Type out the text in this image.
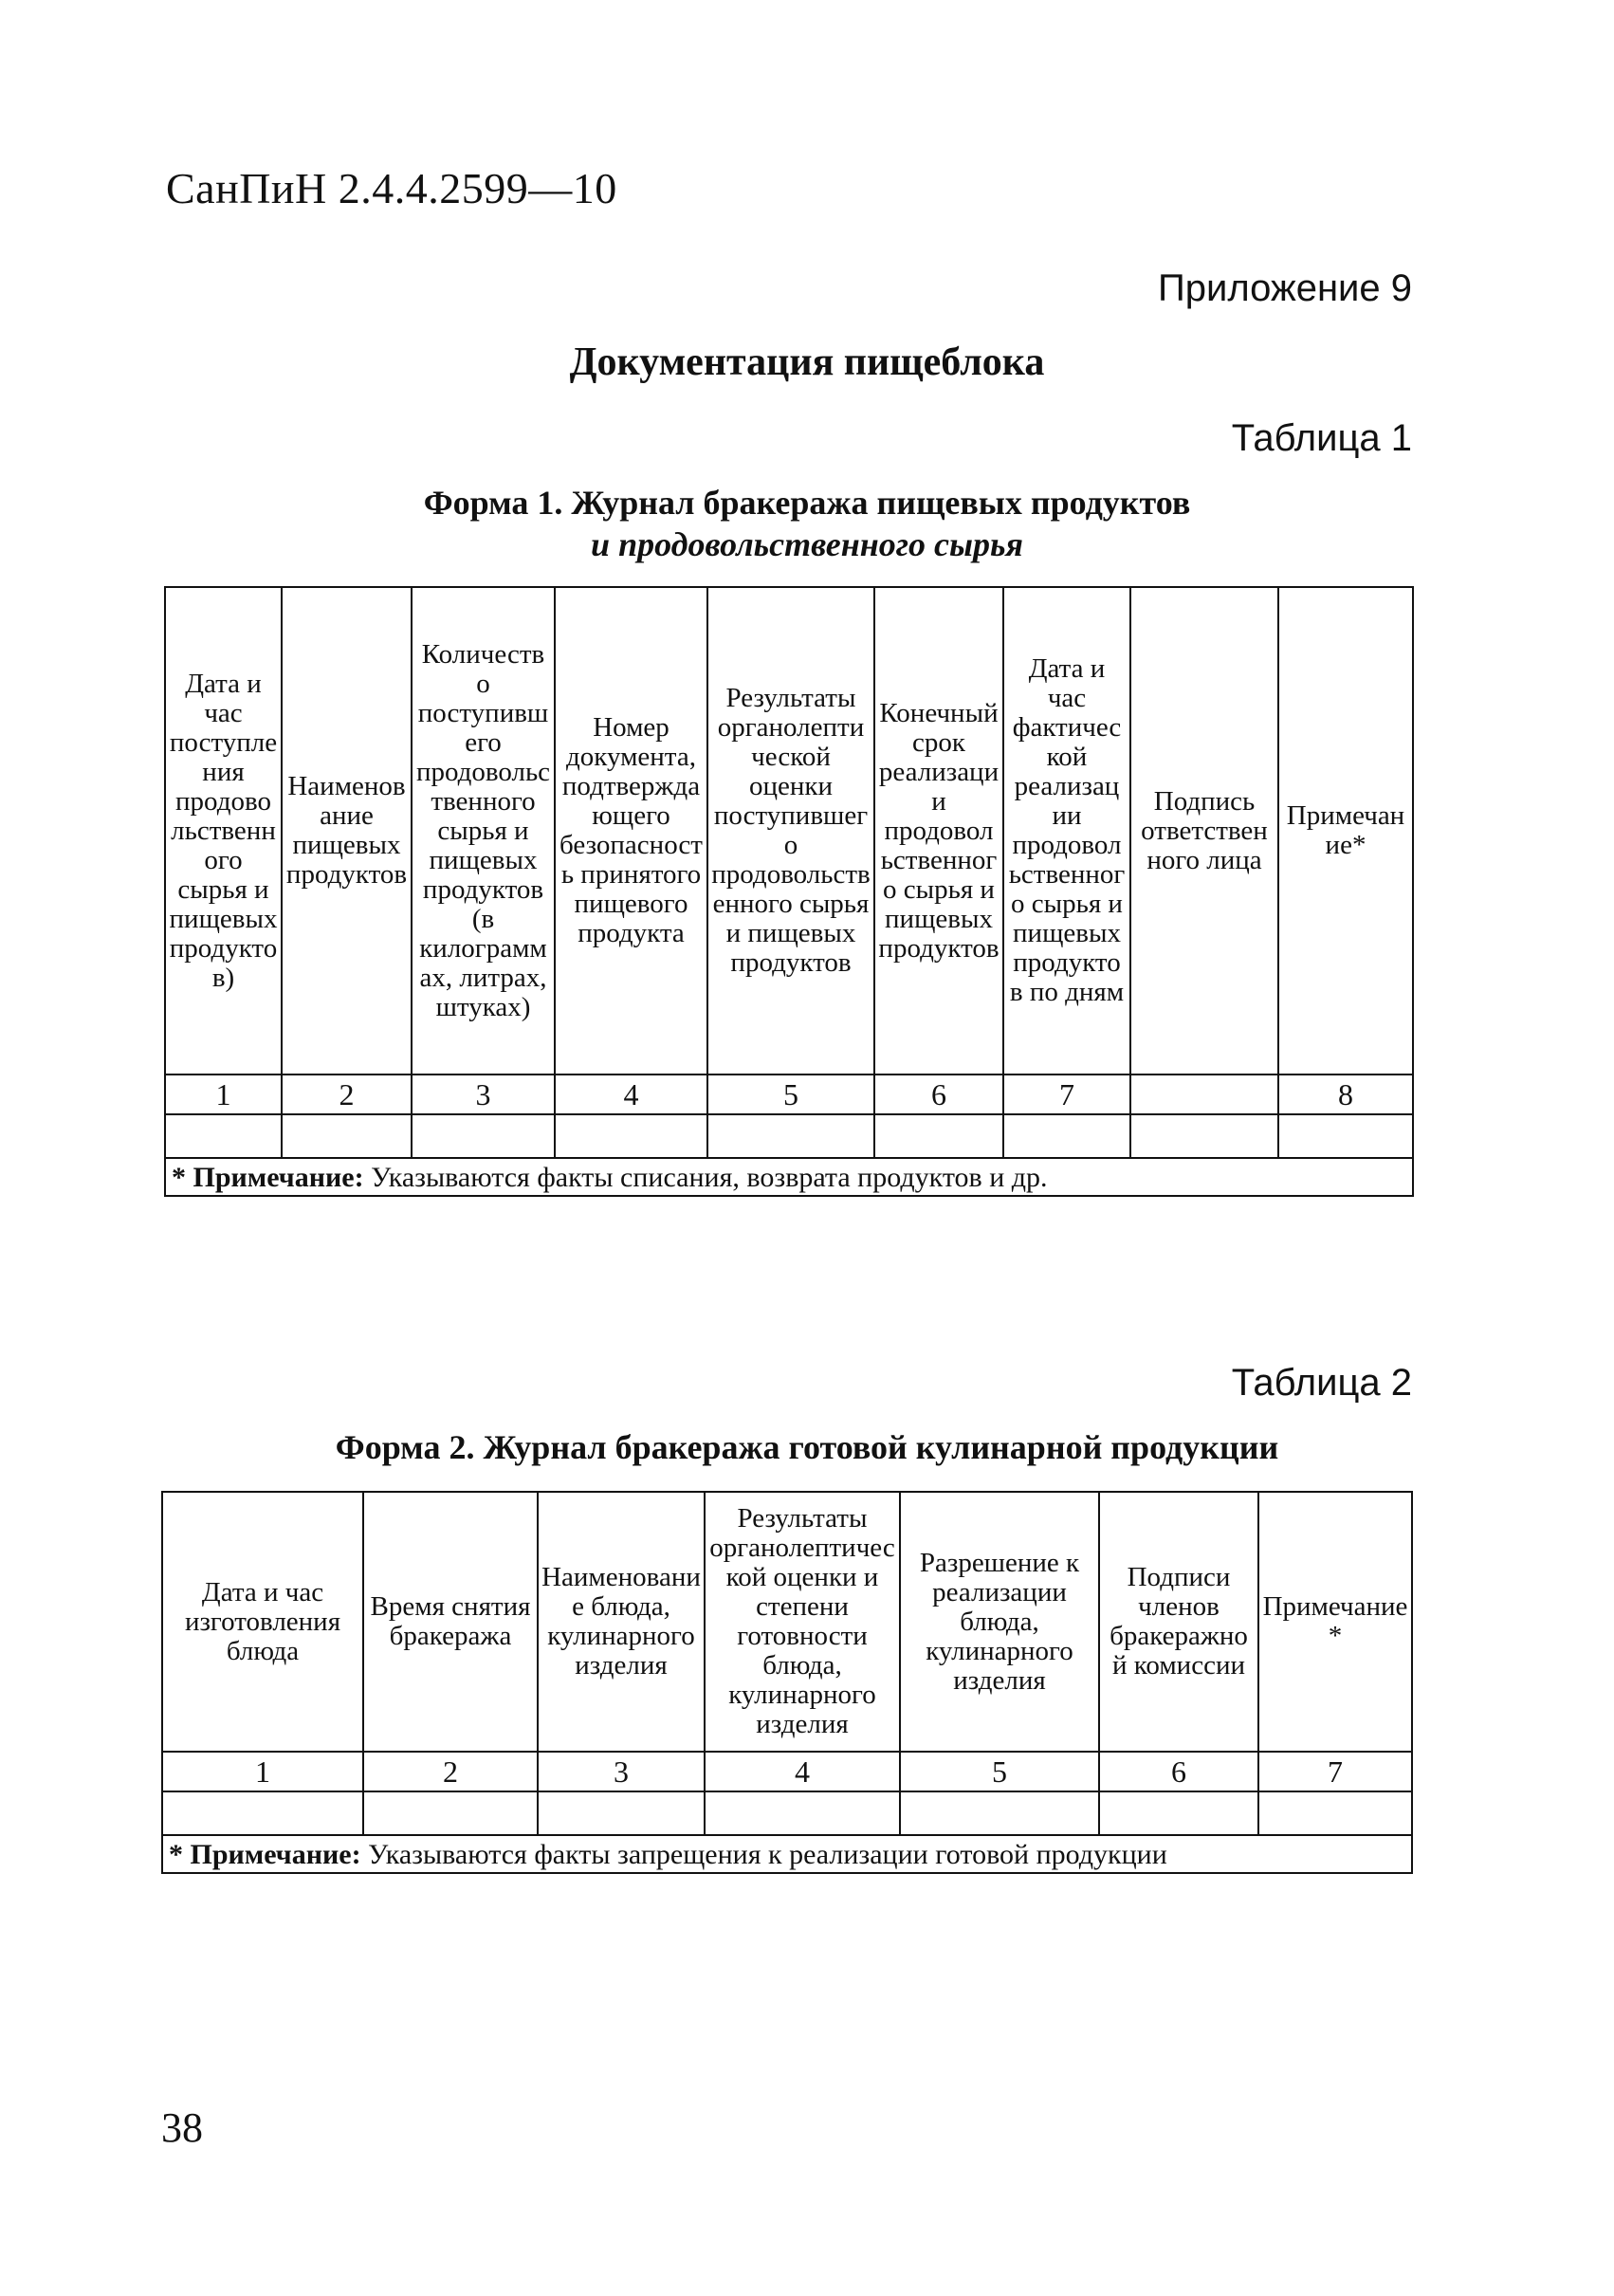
СанПиН 2.4.4.2599—10
Приложение 9
Документация пищеблока
Таблица 1
Форма 1. Журнал бракеража пищевых продуктов
и продовольственного сырья
Дата и час поступления продовольственного сырья и пищевых продуктов)	Наименование пищевых продуктов	Количество поступившего продовольственного сырья и пищевых продуктов (в килограммах, литрах, штуках)	Номер документа, подтверждающего безопасность принятого пищевого продукта	Результаты органолептической оценки поступившего продовольственного сырья и пищевых продуктов	Конечный срок реализации продовольственного сырья и пищевых продуктов	Дата и час фактической реализации продовольственного сырья и пищевых продуктов по дням	Подпись ответственного лица	Примечание*
1	2	3	4	5	6	7		8

* Примечание: Указываются факты списания, возврата продуктов и др.								
Таблица 2
Форма 2. Журнал бракеража готовой кулинарной продукции
Дата и час изготовления блюда	Время снятия бракеража	Наименование блюда, кулинарного изделия	Результаты органолептической оценки и степени готовности блюда, кулинарного изделия	Разрешение к реализации блюда, кулинарного изделия	Подписи членов бракеражной комиссии	Примечание*
1	2	3	4	5	6	7

* Примечание: Указываются факты запрещения к реализации готовой продукции						
38
